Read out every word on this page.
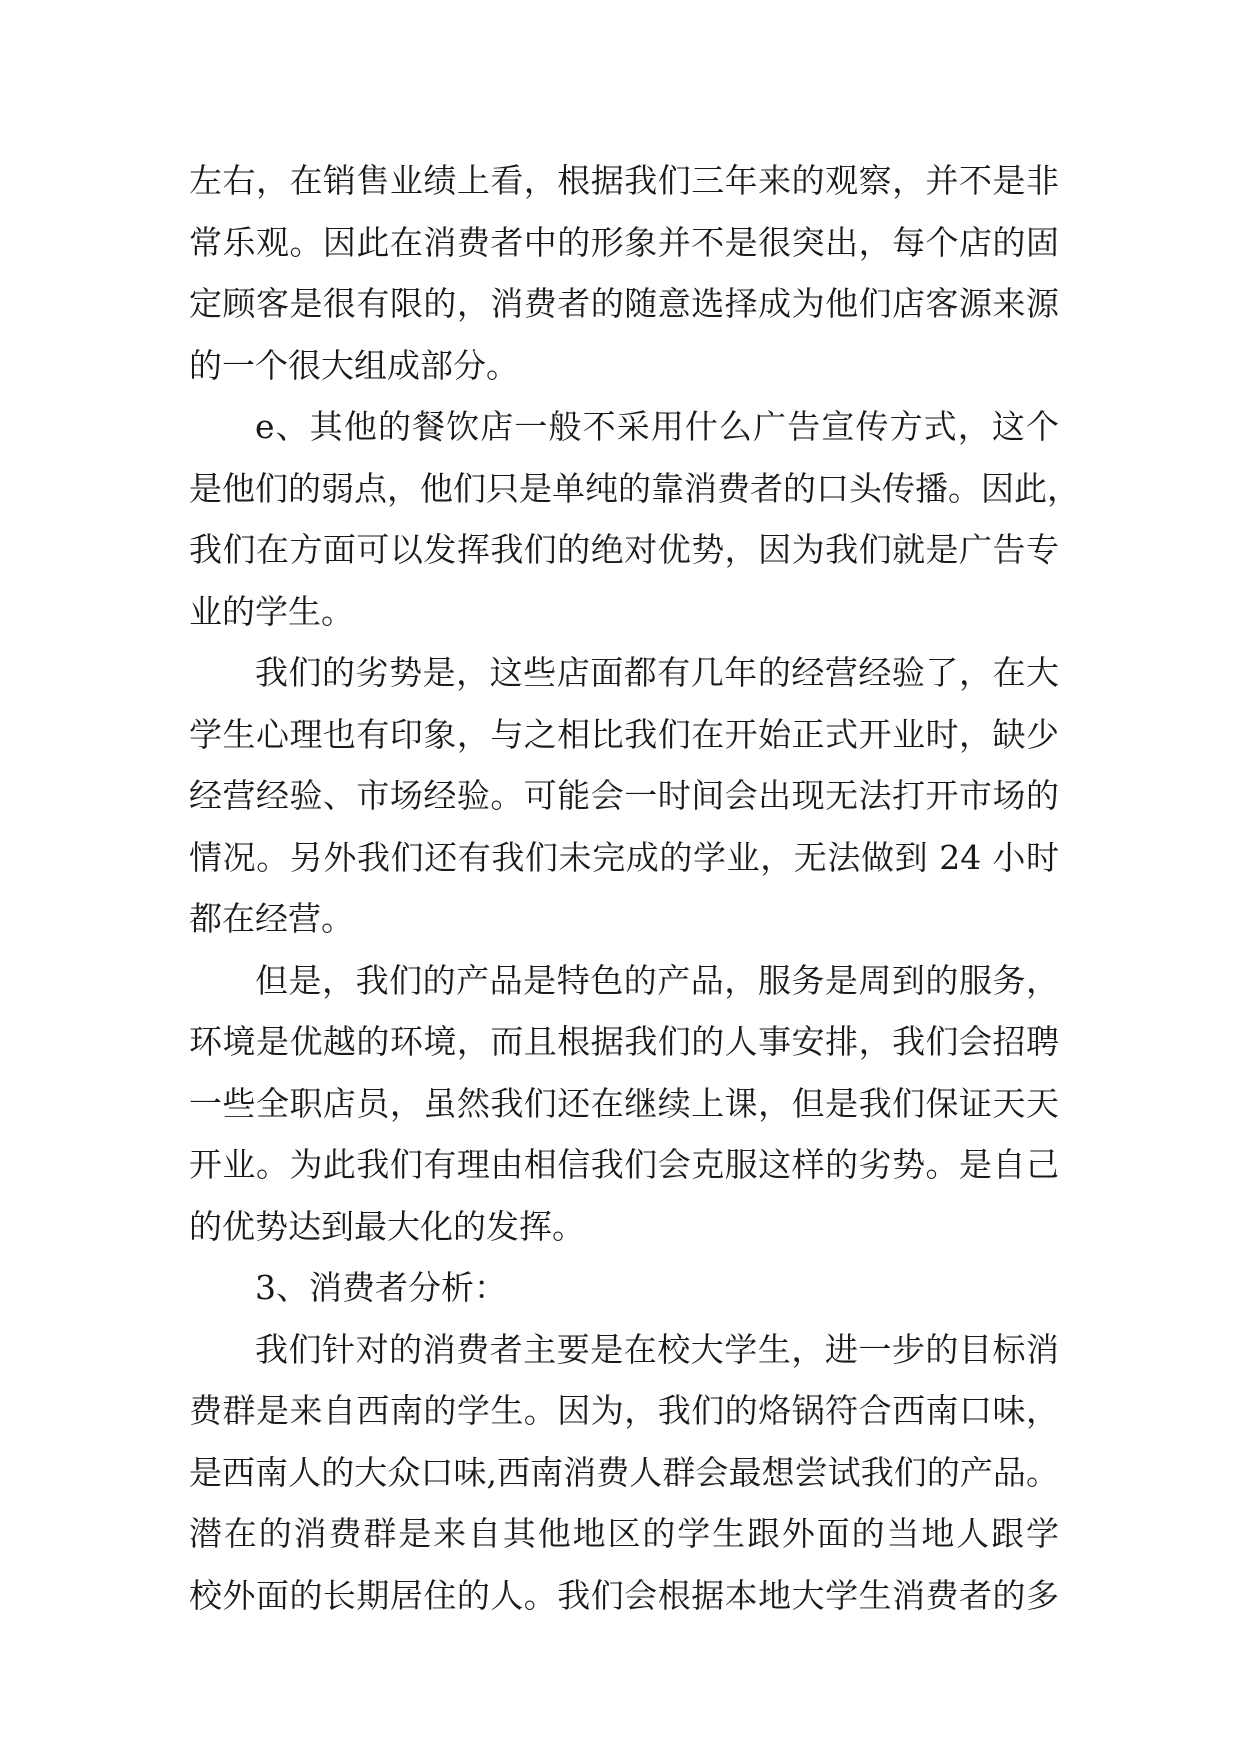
左右，在销售业绩上看，根据我们三年来的观察，并不是非
常乐观。因此在消费者中的形象并不是很突出，每个店的固
定顾客是很有限的，消费者的随意选择成为他们店客源来源
的一个很大组成部分。
e、其他的餐饮店一般不采用什么广告宣传方式，这个
是他们的弱点，他们只是单纯的靠消费者的口头传播。因此，
我们在方面可以发挥我们的绝对优势，因为我们就是广告专
业的学生。
我们的劣势是，这些店面都有几年的经营经验了，在大
学生心理也有印象，与之相比我们在开始正式开业时，缺少
经营经验、市场经验。可能会一时间会出现无法打开市场的
情况。另外我们还有我们未完成的学业，无法做到 24 小时
都在经营。
但是，我们的产品是特色的产品，服务是周到的服务，
环境是优越的环境，而且根据我们的人事安排，我们会招聘
一些全职店员，虽然我们还在继续上课，但是我们保证天天
开业。为此我们有理由相信我们会克服这样的劣势。是自己
的优势达到最大化的发挥。
3、消费者分析：
我们针对的消费者主要是在校大学生，进一步的目标消
费群是来自西南的学生。因为，我们的烙锅符合西南口味，
是西南人的大众口味,西南消费人群会最想尝试我们的产品。
潜在的消费群是来自其他地区的学生跟外面的当地人跟学
校外面的长期居住的人。我们会根据本地大学生消费者的多
